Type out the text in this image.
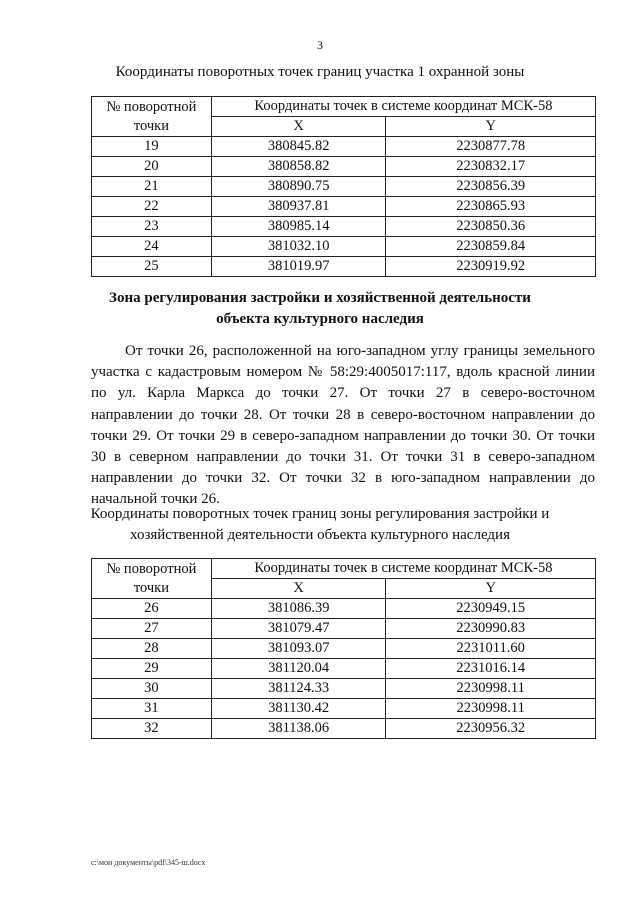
3
Координаты поворотных точек границ участка 1 охранной зоны
№ поворотной точки	Координаты точек в системе координат МСК-58	
	X	Y
19	380845.82	2230877.78
20	380858.82	2230832.17
21	380890.75	2230856.39
22	380937.81	2230865.93
23	380985.14	2230850.36
24	381032.10	2230859.84
25	381019.97	2230919.92
Зона регулирования застройки и хозяйственной деятельности
объекта культурного наследия
От точки 26, расположенной на юго-западном углу границы земельного участка с кадастровым номером № 58:29:4005017:117, вдоль красной линии по ул. Карла Маркса до точки 27. От точки 27 в северо-восточном направлении до точки 28. От точки 28 в северо-восточном направлении до точки 29. От точки 29 в северо-западном направлении до точки 30. От точки 30 в северном направлении до точки 31. От точки 31 в северо-западном направлении до точки 32. От точки 32 в юго-западном направлении до начальной точки 26.
Координаты поворотных точек границ зоны регулирования застройки и
хозяйственной деятельности объекта культурного наследия
№ поворотной точки	Координаты точек в системе координат МСК-58	
	X	Y
26	381086.39	2230949.15
27	381079.47	2230990.83
28	381093.07	2231011.60
29	381120.04	2231016.14
30	381124.33	2230998.11
31	381130.42	2230998.11
32	381138.06	2230956.32
c:\мои документы\pdf\345-ш.docx
